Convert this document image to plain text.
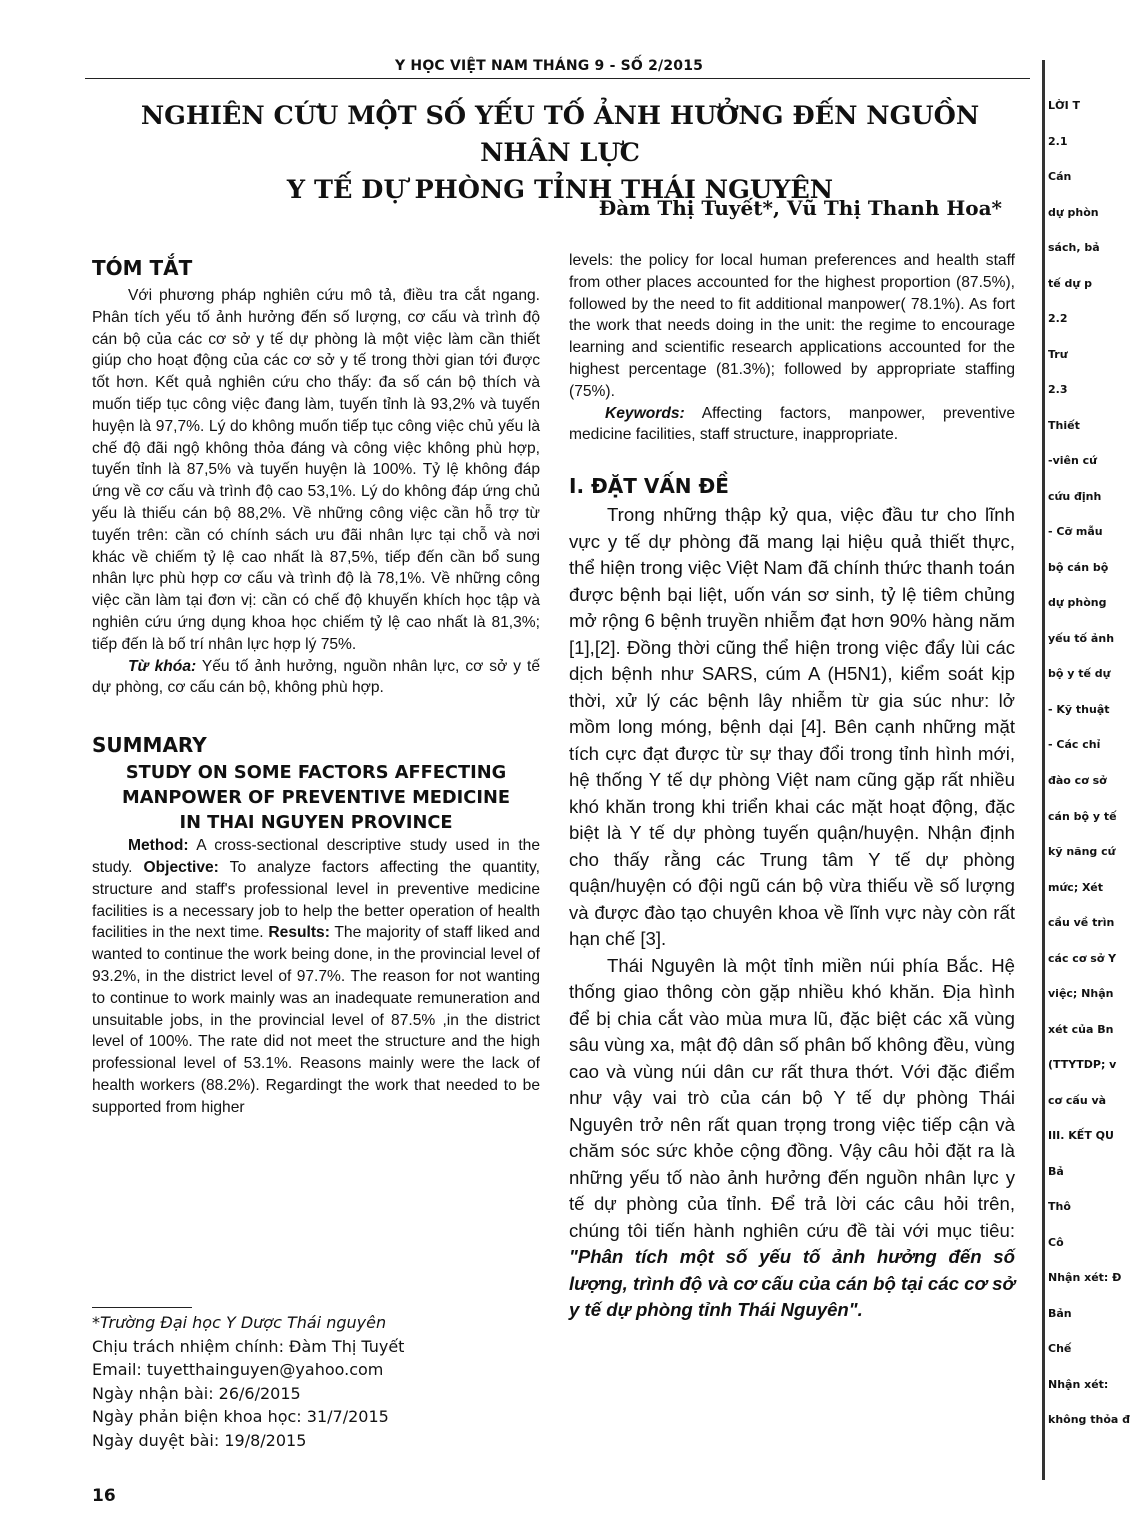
Y HỌC VIỆT NAM THÁNG 9 - SỐ 2/2015
NGHIÊN CỨU MỘT SỐ YẾU TỐ ẢNH HƯỞNG ĐẾN NGUỒN NHÂN LỰC
Y TẾ DỰ PHÒNG TỈNH THÁI NGUYÊN
Đàm Thị Tuyết*, Vũ Thị Thanh Hoa*
TÓM TẮT

Với phương pháp nghiên cứu mô tả, điều tra cắt ngang. Phân tích yếu tố ảnh hưởng đến số lượng, cơ cấu và trình độ cán bộ của các cơ sở y tế dự phòng là một việc làm cần thiết giúp cho hoạt động của các cơ sở y tế trong thời gian tới được tốt hơn. Kết quả nghiên cứu cho thấy: đa số cán bộ thích và muốn tiếp tục công việc đang làm, tuyến tỉnh là 93,2% và tuyến huyện là 97,7%. Lý do không muốn tiếp tục công việc chủ yếu là chế độ đãi ngộ không thỏa đáng và công việc không phù hợp, tuyến tỉnh là 87,5% và tuyến huyện là 100%. Tỷ lệ không đáp ứng về cơ cấu và trình độ cao 53,1%. Lý do không đáp ứng chủ yếu là thiếu cán bộ 88,2%. Về những công việc cần hỗ trợ từ tuyến trên: cần có chính sách ưu đãi nhân lực tại chỗ và nơi khác về chiếm tỷ lệ cao nhất là 87,5%, tiếp đến cần bổ sung nhân lực phù hợp cơ cấu và trình độ là 78,1%. Về những công việc cần làm tại đơn vị: cần có chế độ khuyến khích học tập và nghiên cứu ứng dụng khoa học chiếm tỷ lệ cao nhất là 81,3%; tiếp đến là bố trí nhân lực hợp lý 75%.

Từ khóa: Yếu tố ảnh hưởng, nguồn nhân lực, cơ sở y tế dự phòng, cơ cấu cán bộ, không phù hợp.

SUMMARY
STUDY ON SOME FACTORS AFFECTING
MANPOWER OF PREVENTIVE MEDICINE
IN THAI NGUYEN PROVINCE

Method: A cross-sectional descriptive study used in the study. Objective: To analyze factors affecting the quantity, structure and staff's professional level in preventive medicine facilities is a necessary job to help the better operation of health facilities in the next time. Results: The majority of staff liked and wanted to continue the work being done, in the provincial level of 93.2%, in the district level of 97.7%. The reason for not wanting to continue to work mainly was an inadequate remuneration and unsuitable jobs, in the provincial level of 87.5% ,in the district level of 100%. The rate did not meet the structure and the high professional level of 53.1%. Reasons mainly were the lack of health workers (88.2%). Regardingt the work that needed to be supported from higher

*Trường Đại học Y Dược Thái nguyên
Chịu trách nhiệm chính: Đàm Thị Tuyết
Email: tuyetthainguyen@yahoo.com
Ngày nhận bài: 26/6/2015
Ngày phản biện khoa học: 31/7/2015
Ngày duyệt bài: 19/8/2015
16

levels: the policy for local human preferences and health staff from other places accounted for the highest proportion (87.5%), followed by the need to fit additional manpower( 78.1%). As fort the work that needs doing in the unit: the regime to encourage learning and scientific research applications accounted for the highest percentage (81.3%); followed by appropriate staffing (75%).

Keywords: Affecting factors, manpower, preventive medicine facilities, staff structure, inappropriate.

I. ĐẶT VẤN ĐỀ

Trong những thập kỷ qua, việc đầu tư cho lĩnh vực y tế dự phòng đã mang lại hiệu quả thiết thực, thể hiện trong việc Việt Nam đã chính thức thanh toán được bệnh bại liệt, uốn ván sơ sinh, tỷ lệ tiêm chủng mở rộng 6 bệnh truyền nhiễm đạt hơn 90% hàng năm [1],[2]. Đồng thời cũng thể hiện trong việc đẩy lùi các dịch bệnh như SARS, cúm A (H5N1), kiểm soát kịp thời, xử lý các bệnh lây nhiễm từ gia súc như: lở mồm long móng, bệnh dại [4]. Bên cạnh những mặt tích cực đạt được từ sự thay đổi trong tỉnh hình mới, hệ thống Y tế dự phòng Việt nam cũng gặp rất nhiều khó khăn trong khi triển khai các mặt hoạt động, đặc biệt là Y tế dự phòng tuyến quận/huyện. Nhận định cho thấy rằng các Trung tâm Y tế dự phòng quận/huyện có đội ngũ cán bộ vừa thiếu về số lượng và được đào tạo chuyên khoa về lĩnh vực này còn rất hạn chế [3].

Thái Nguyên là một tỉnh miền núi phía Bắc. Hệ thống giao thông còn gặp nhiều khó khăn. Địa hình để bị chia cắt vào mùa mưa lũ, đặc biệt các xã vùng sâu vùng xa, mật độ dân số phân bố không đều, vùng cao và vùng núi dân cư rất thưa thớt. Với đặc điểm như vậy vai trò của cán bộ Y tế dự phòng Thái Nguyên trở nên rất quan trọng trong việc tiếp cận và chăm sóc sức khỏe cộng đồng. Vậy câu hỏi đặt ra là những yếu tố nào ảnh hưởng đến nguồn nhân lực y tế dự phòng của tỉnh. Để trả lời các câu hỏi trên, chúng tôi tiến hành nghiên cứu đề tài với mục tiêu: "Phân tích một số yếu tố ảnh hưởng đến số lượng, trình độ và cơ cấu của cán bộ tại các cơ sở y tế dự phòng tỉnh Thái Nguyên".

LỜI T
2.1
Cán
dự phòn
sách, bả
tế dự p
2.2
Trư
2.3
Thiết
-viên cứ
cứu định
- Cỡ mẫu
bộ cán bộ
dự phòng
yếu tố ảnh
bộ y tế dự
- Kỹ thuật
- Các chỉ
đào cơ sở
cán bộ y tế
kỹ năng cứ
mức; Xét
cầu về trìn
các cơ sở Y
việc; Nhận
xét của Bn
(TTYTDP; v
cơ cấu và
III. KẾT QU
Bả
Thô
Cô
Nhận xét: Đ
Bản
Chế
Nhận xét:
không thỏa đ
